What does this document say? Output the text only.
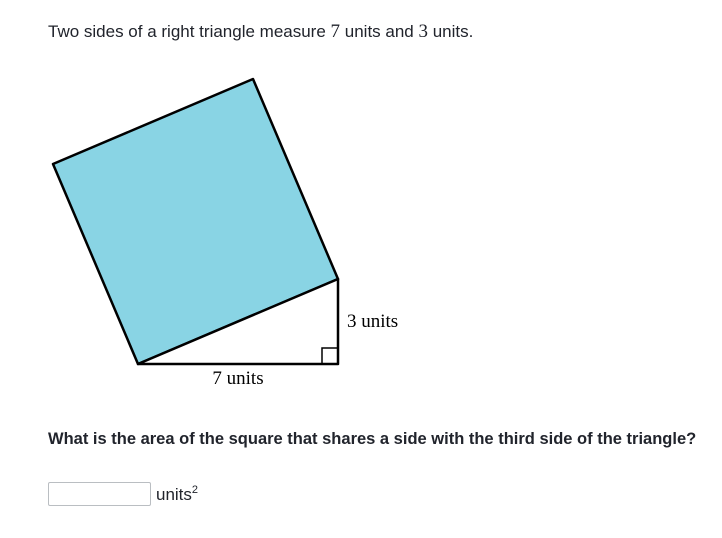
Two sides of a right triangle measure 7 units and 3 units.
7 units
3 units
What is the area of the square that shares a side with the third side of the triangle?
units$^2$
